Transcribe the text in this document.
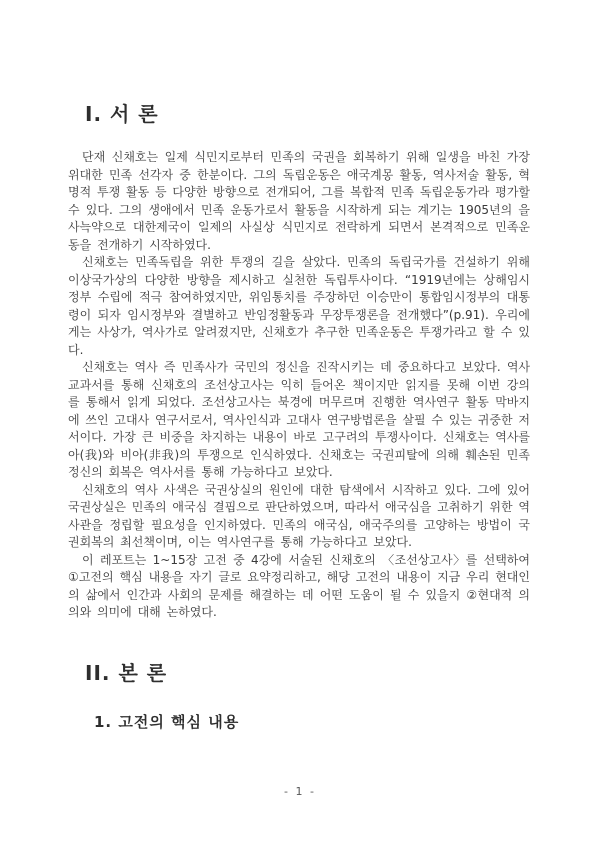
I. 서 론

단재 신채호는 일제 식민지로부터 민족의 국권을 회복하기 위해 일생을 바친 가장 위대한 민족 선각자 중 한분이다. 그의 독립운동은 애국계몽 활동, 역사저술 활동, 혁명적 투쟁 활동 등 다양한 방향으로 전개되어, 그를 복합적 민족 독립운동가라 평가할 수 있다. 그의 생애에서 민족 운동가로서 활동을 시작하게 되는 계기는 1905년의 을사늑약으로 대한제국이 일제의 사실상 식민지로 전락하게 되면서 본격적으로 민족운동을 전개하기 시작하였다.

신채호는 민족독립을 위한 투쟁의 길을 살았다. 민족의 독립국가를 건설하기 위해 이상국가상의 다양한 방향을 제시하고 실천한 독립투사이다. “1919년에는 상해임시정부 수립에 적극 참여하였지만, 위임통치를 주장하던 이승만이 통합임시정부의 대통령이 되자 임시정부와 결별하고 반임정활동과 무장투쟁론을 전개했다”(p.91). 우리에게는 사상가, 역사가로 알려졌지만, 신채호가 추구한 민족운동은 투쟁가라고 할 수 있다.

신채호는 역사 즉 민족사가 국민의 정신을 진작시키는 데 중요하다고 보았다. 역사교과서를 통해 신채호의 조선상고사는 익히 들어온 책이지만 읽지를 못해 이번 강의를 통해서 읽게 되었다. 조선상고사는 북경에 머무르며 진행한 역사연구 활동 막바지에 쓰인 고대사 연구서로서, 역사인식과 고대사 연구방법론을 살필 수 있는 귀중한 저서이다. 가장 큰 비중을 차지하는 내용이 바로 고구려의 투쟁사이다. 신채호는 역사를 아(我)와 비아(非我)의 투쟁으로 인식하였다. 신채호는 국권피탈에 의해 훼손된 민족정신의 회복은 역사서를 통해 가능하다고 보았다.

신채호의 역사 사색은 국권상실의 원인에 대한 탐색에서 시작하고 있다. 그에 있어 국권상실은 민족의 애국심 결핍으로 판단하였으며, 따라서 애국심을 고취하기 위한 역사관을 정립할 필요성을 인지하였다. 민족의 애국심, 애국주의를 고양하는 방법이 국권회복의 최선책이며, 이는 역사연구를 통해 가능하다고 보았다.

이 레포트는 1~15장 고전 중 4강에 서술된 신채호의 〈조선상고사〉를 선택하여 ①고전의 핵심 내용을 자기 글로 요약정리하고, 해당 고전의 내용이 지금 우리 현대인의 삶에서 인간과 사회의 문제를 해결하는 데 어떤 도움이 될 수 있을지 ②현대적 의의와 의미에 대해 논하였다.

II. 본 론
1. 고전의 핵심 내용
- 1 -
